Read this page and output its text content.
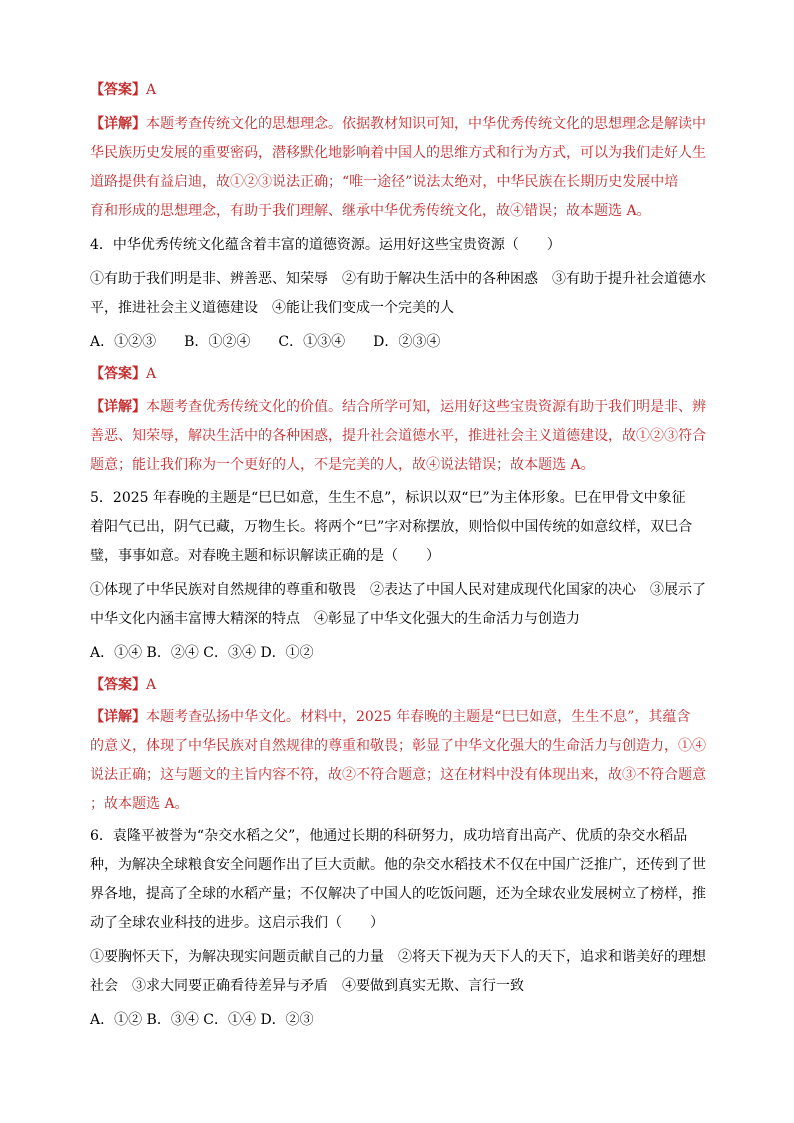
【答案】A
【详解】本题考查传统文化的思想理念。依据教材知识可知，中华优秀传统文化的思想理念是解读中
华民族历史发展的重要密码，潜移默化地影响着中国人的思维方式和行为方式，可以为我们走好人生
道路提供有益启迪，故①②③说法正确；“唯一途径”说法太绝对，中华民族在长期历史发展中培
育和形成的思想理念，有助于我们理解、继承中华优秀传统文化，故④错误；故本题选 A。
4．中华优秀传统文化蕴含着丰富的道德资源。运用好这些宝贵资源（　　）
①有助于我们明是非、辨善恶、知荣辱　②有助于解决生活中的各种困惑　③有助于提升社会道德水
平，推进社会主义道德建设　④能让我们变成一个完美的人
A．①②③　　B．①②④　　C．①③④　　D．②③④
【答案】A
【详解】本题考查优秀传统文化的价值。结合所学可知，运用好这些宝贵资源有助于我们明是非、辨
善恶、知荣辱，解决生活中的各种困惑，提升社会道德水平，推进社会主义道德建设，故①②③符合
题意；能让我们称为一个更好的人，不是完美的人，故④说法错误；故本题选 A。
5．2025 年春晚的主题是“巳巳如意，生生不息”，标识以双“巳”为主体形象。巳在甲骨文中象征
着阳气已出，阴气已藏，万物生长。将两个“巳”字对称摆放，则恰似中国传统的如意纹样，双巳合
璧，事事如意。对春晚主题和标识解读正确的是（　　）
①体现了中华民族对自然规律的尊重和敬畏　②表达了中国人民对建成现代化国家的决心　③展示了
中华文化内涵丰富博大精深的特点　④彰显了中华文化强大的生命活力与创造力
A．①④ B．②④ C．③④ D．①②
【答案】A
【详解】本题考查弘扬中华文化。材料中，2025 年春晚的主题是“巳巳如意，生生不息”，其蕴含
的意义，体现了中华民族对自然规律的尊重和敬畏；彰显了中华文化强大的生命活力与创造力，①④
说法正确；这与题文的主旨内容不符，故②不符合题意；这在材料中没有体现出来，故③不符合题意
；故本题选 A。
6．袁隆平被誉为“杂交水稻之父”，他通过长期的科研努力，成功培育出高产、优质的杂交水稻品
种，为解决全球粮食安全问题作出了巨大贡献。他的杂交水稻技术不仅在中国广泛推广，还传到了世
界各地，提高了全球的水稻产量；不仅解决了中国人的吃饭问题，还为全球农业发展树立了榜样，推
动了全球农业科技的进步。这启示我们（　　）
①要胸怀天下，为解决现实问题贡献自己的力量　②将天下视为天下人的天下，追求和谐美好的理想
社会　③求大同要正确看待差异与矛盾　④要做到真实无欺、言行一致
A．①② B．③④ C．①④ D．②③
